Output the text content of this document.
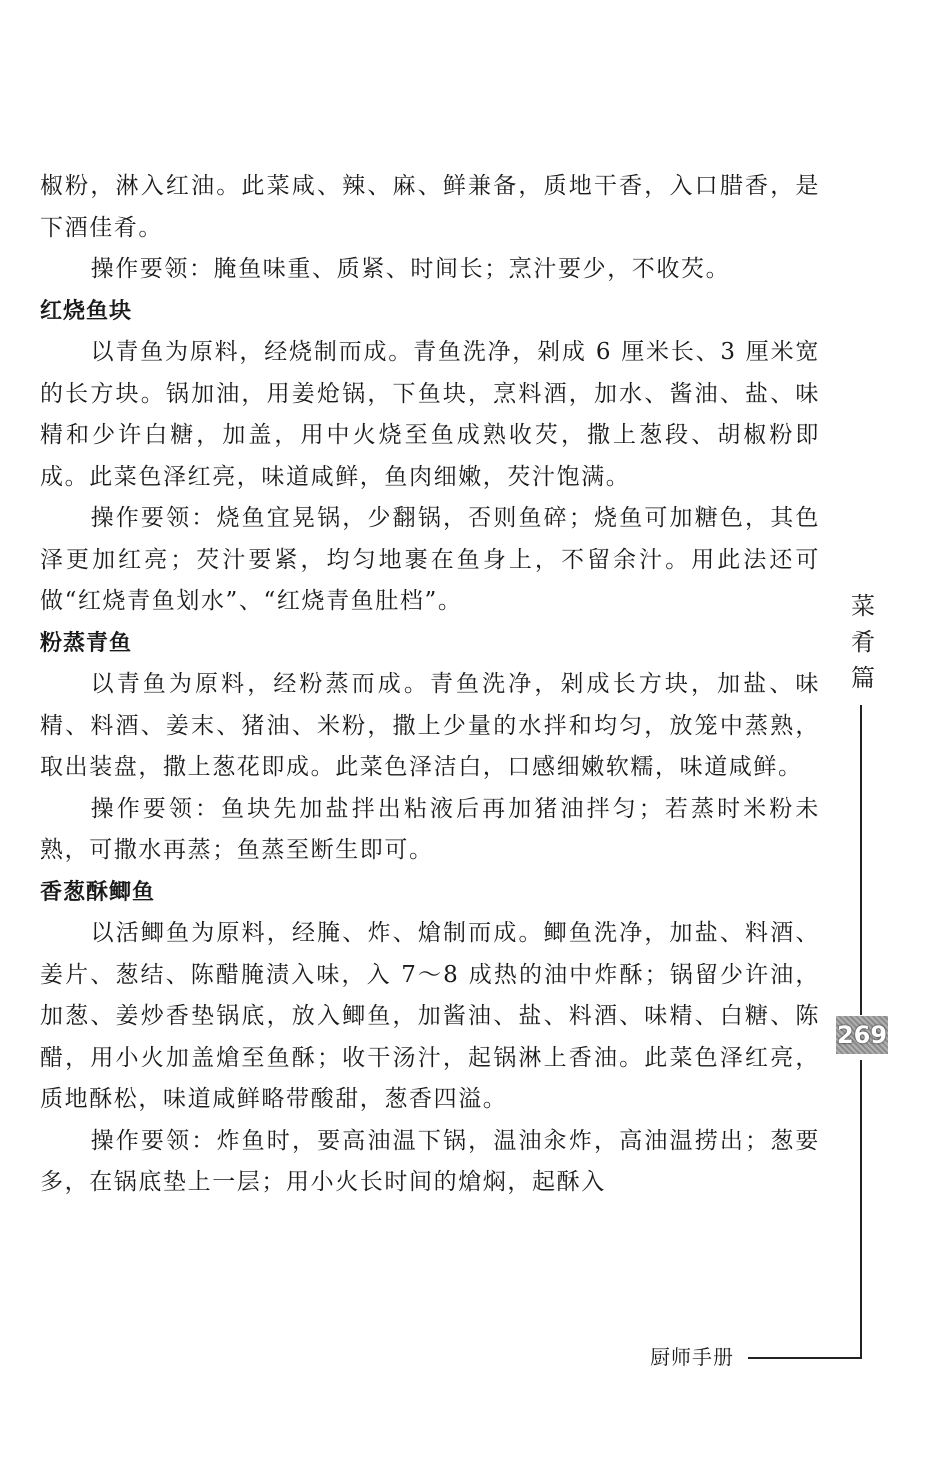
椒粉，淋入红油。此菜咸、辣、麻、鲜兼备，质地干香，入口腊香，是下酒佳肴。

操作要领：腌鱼味重、质紧、时间长；烹汁要少，不收芡。

红烧鱼块

以青鱼为原料，经烧制而成。青鱼洗净，剁成 6 厘米长、3 厘米宽的长方块。锅加油，用姜炝锅，下鱼块，烹料酒，加水、酱油、盐、味精和少许白糖，加盖，用中火烧至鱼成熟收芡，撒上葱段、胡椒粉即成。此菜色泽红亮，味道咸鲜，鱼肉细嫩，芡汁饱满。

操作要领：烧鱼宜晃锅，少翻锅，否则鱼碎；烧鱼可加糖色，其色泽更加红亮；芡汁要紧，均匀地裹在鱼身上，不留余汁。用此法还可做“红烧青鱼划水”、“红烧青鱼肚档”。

粉蒸青鱼

以青鱼为原料，经粉蒸而成。青鱼洗净，剁成长方块，加盐、味精、料酒、姜末、猪油、米粉，撒上少量的水拌和均匀，放笼中蒸熟，取出装盘，撒上葱花即成。此菜色泽洁白，口感细嫩软糯，味道咸鲜。

操作要领：鱼块先加盐拌出粘液后再加猪油拌匀；若蒸时米粉未熟，可撒水再蒸；鱼蒸至断生即可。

香葱酥鲫鱼

以活鲫鱼为原料，经腌、炸、熗制而成。鲫鱼洗净，加盐、料酒、姜片、葱结、陈醋腌渍入味，入 7～8 成热的油中炸酥；锅留少许油，加葱、姜炒香垫锅底，放入鲫鱼，加酱油、盐、料酒、味精、白糖、陈醋，用小火加盖熗至鱼酥；收干汤汁，起锅淋上香油。此菜色泽红亮，质地酥松，味道咸鲜略带酸甜，葱香四溢。

操作要领：炸鱼时，要高油温下锅，温油汆炸，高油温捞出；葱要多，在锅底垫上一层；用小火长时间的熗焖，起酥入

菜
肴
篇
269
厨师手册
